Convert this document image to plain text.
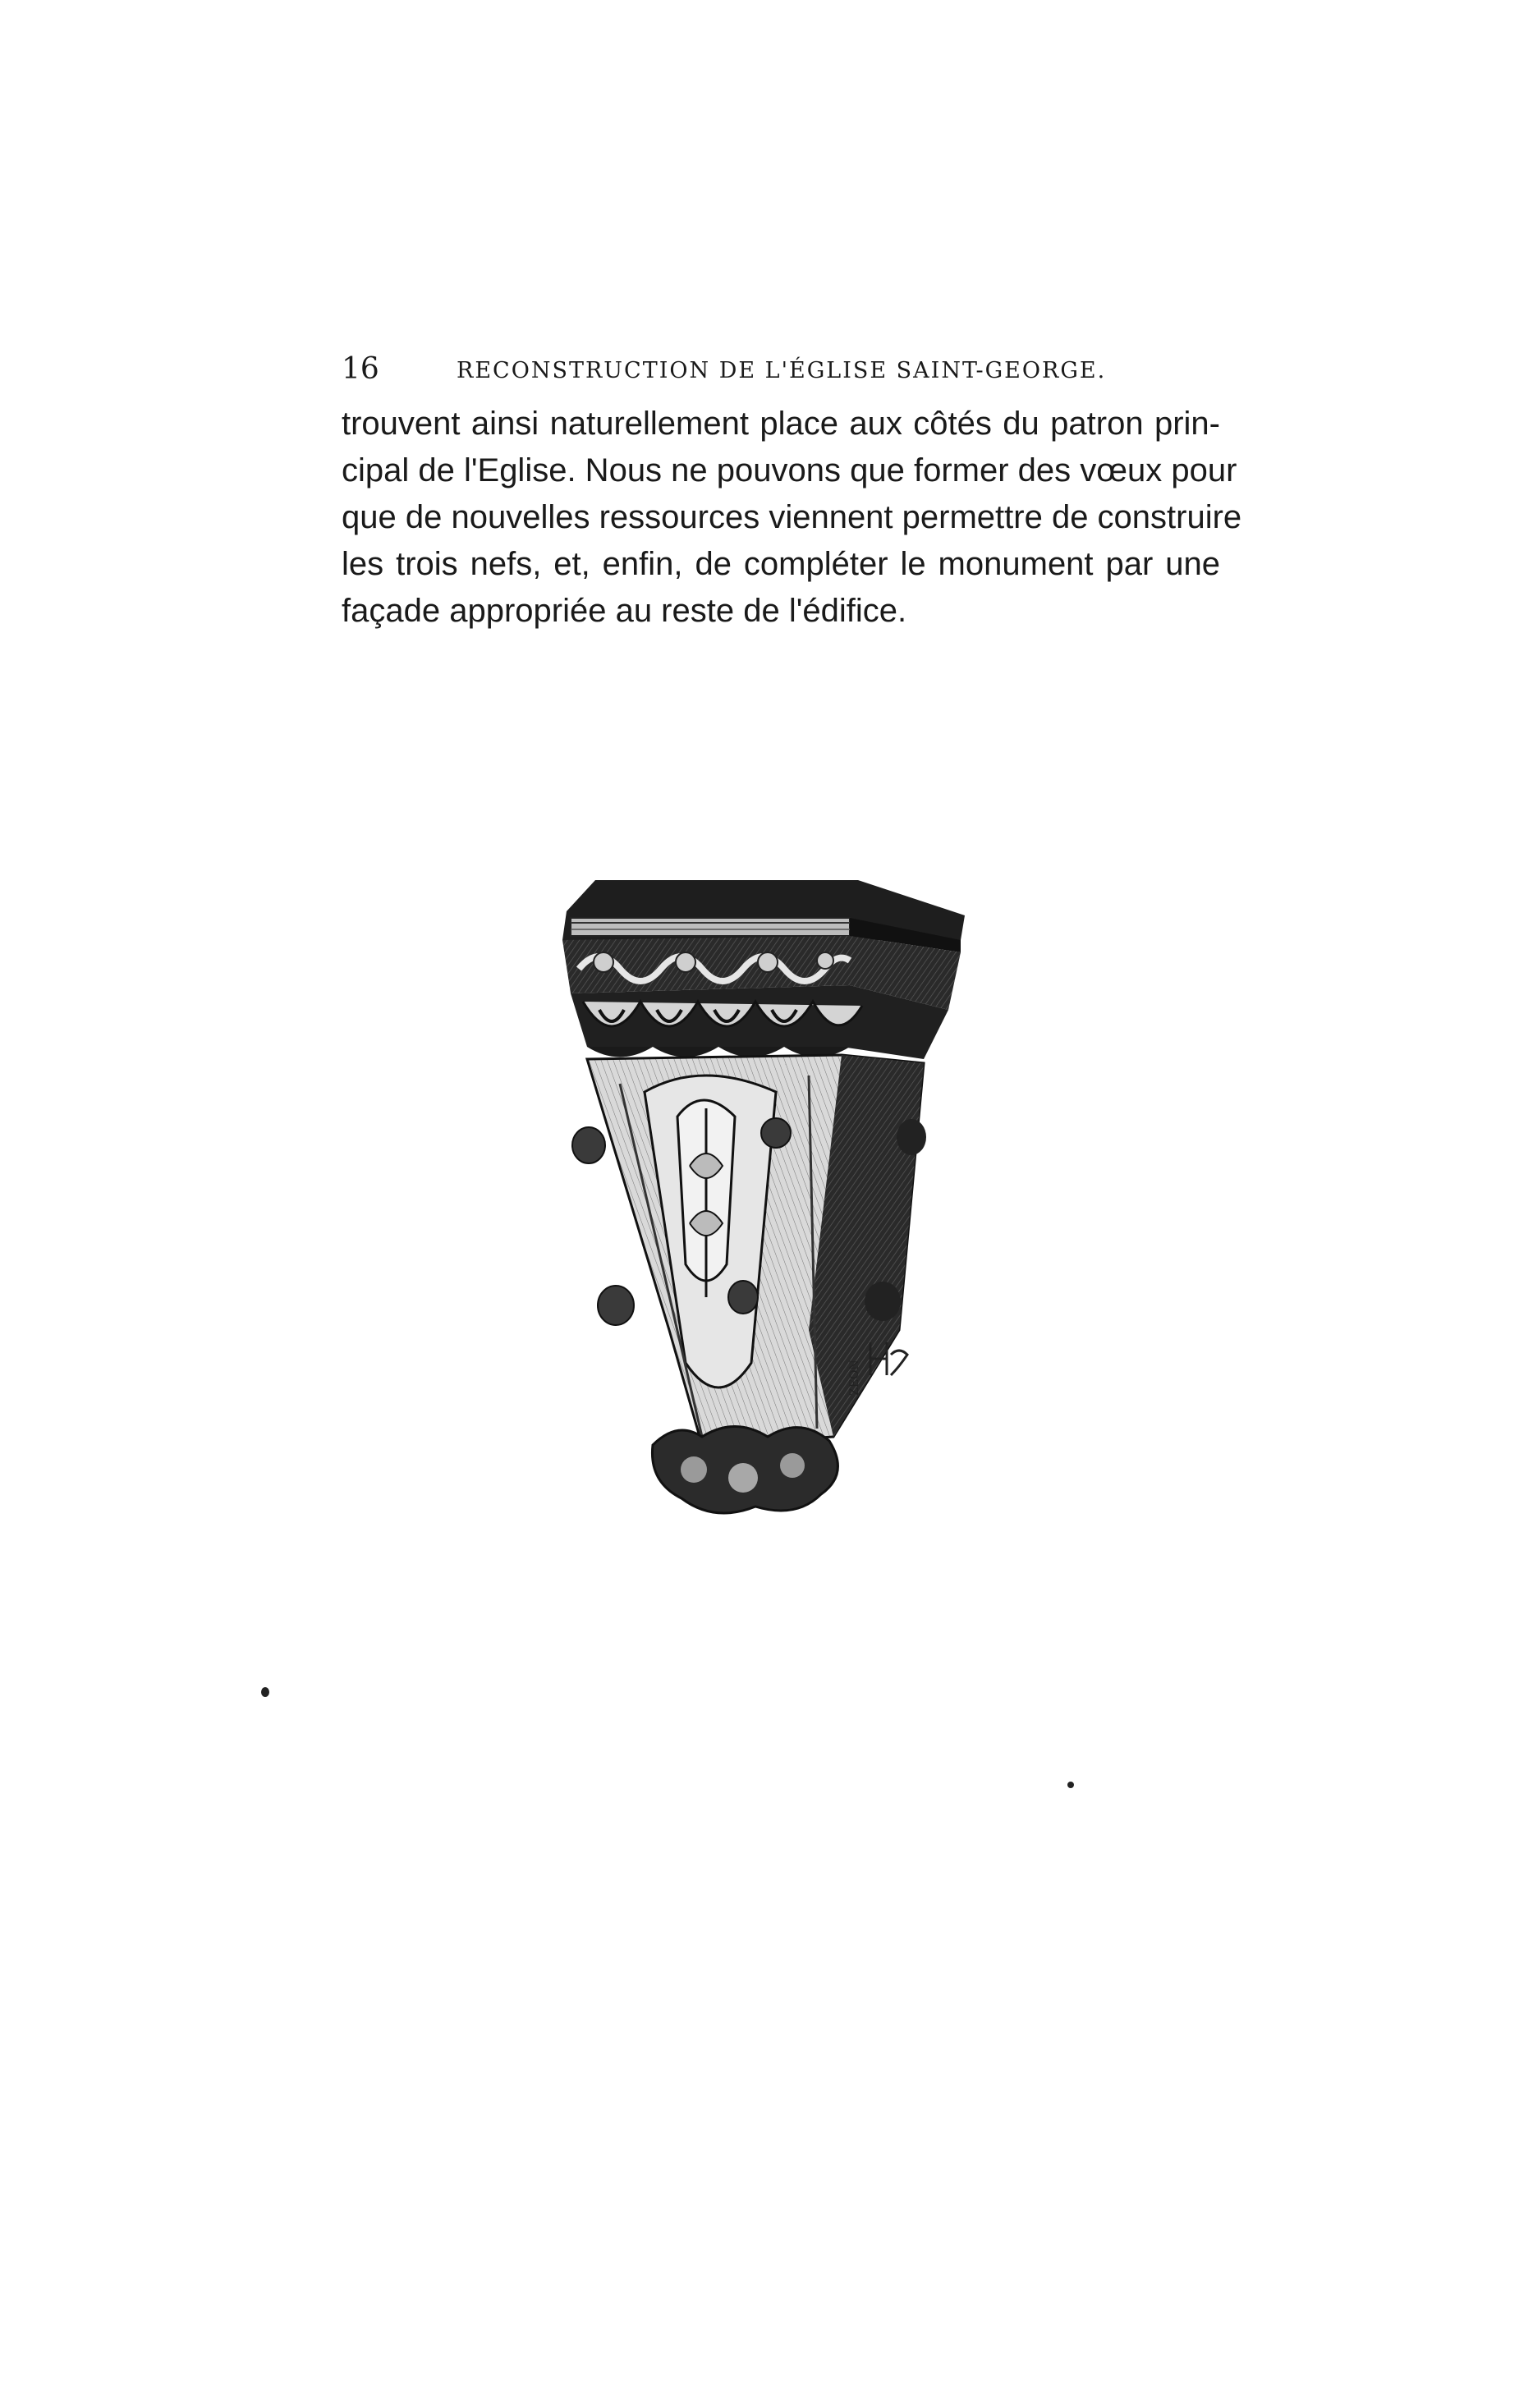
16	RECONSTRUCTION DE L'ÉGLISE SAINT-GEORGE.

trouvent ainsi naturellement place aux côtés du patron prin-
cipal de l'Eglise. Nous ne pouvons que former des vœux pour
que de nouvelles ressources viennent permettre de construire
les trois nefs, et, enfin, de compléter le monument par une
façade appropriée au reste de l'édifice.

ZEON
